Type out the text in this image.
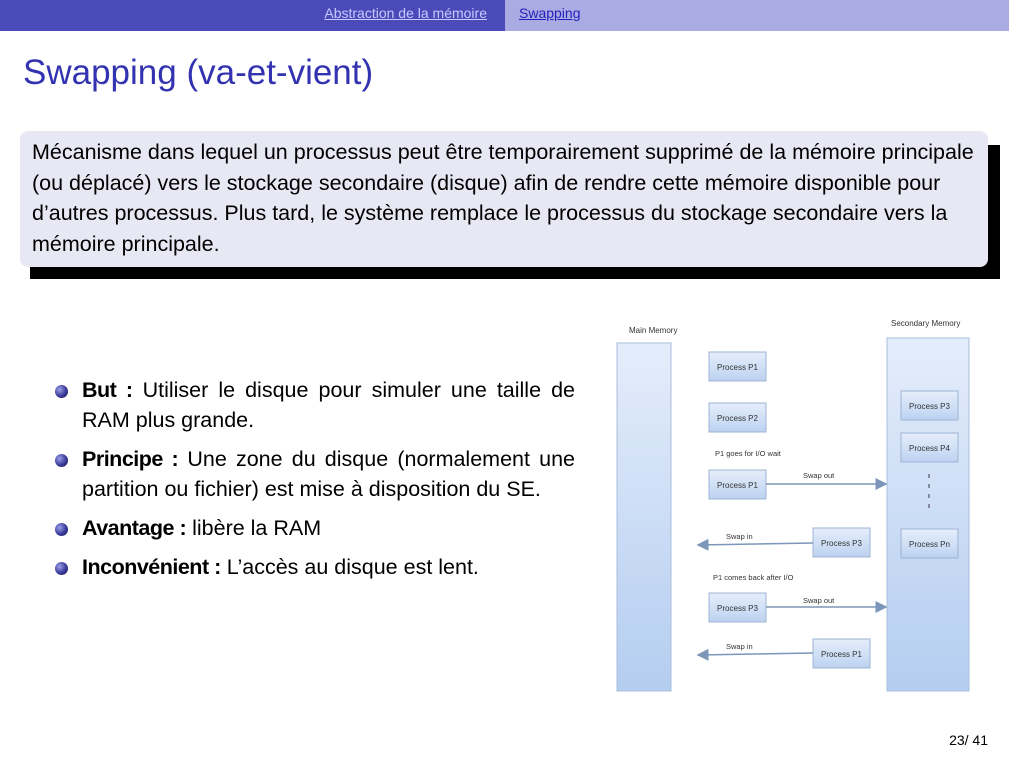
Abstraction de la mémoire Swapping
Swapping (va-et-vient)
Mécanisme dans lequel un processus peut être temporairement supprimé de la mémoire principale (ou déplacé) vers le stockage secondaire (disque) afin de rendre cette mémoire disponible pour d’autres processus. Plus tard, le système remplace le processus du stockage secondaire vers la mémoire principale.
But : Utiliser le disque pour simuler une taille de RAM plus grande.
Principe : Une zone du disque (normalement une partition ou fichier) est mise à disposition du SE.
Avantage : libère la RAM
Inconvénient : L’accès au disque est lent.
Main Memory
Secondary Memory
Process P1
Process P2
P1 goes for I/O wait
Process P1
Swap out
Process P3
Swap in
P1 comes back after I/O
Process P3
Swap out
Process P1
Swap in
Process P3
Process P4
Process Pn
23/ 41
